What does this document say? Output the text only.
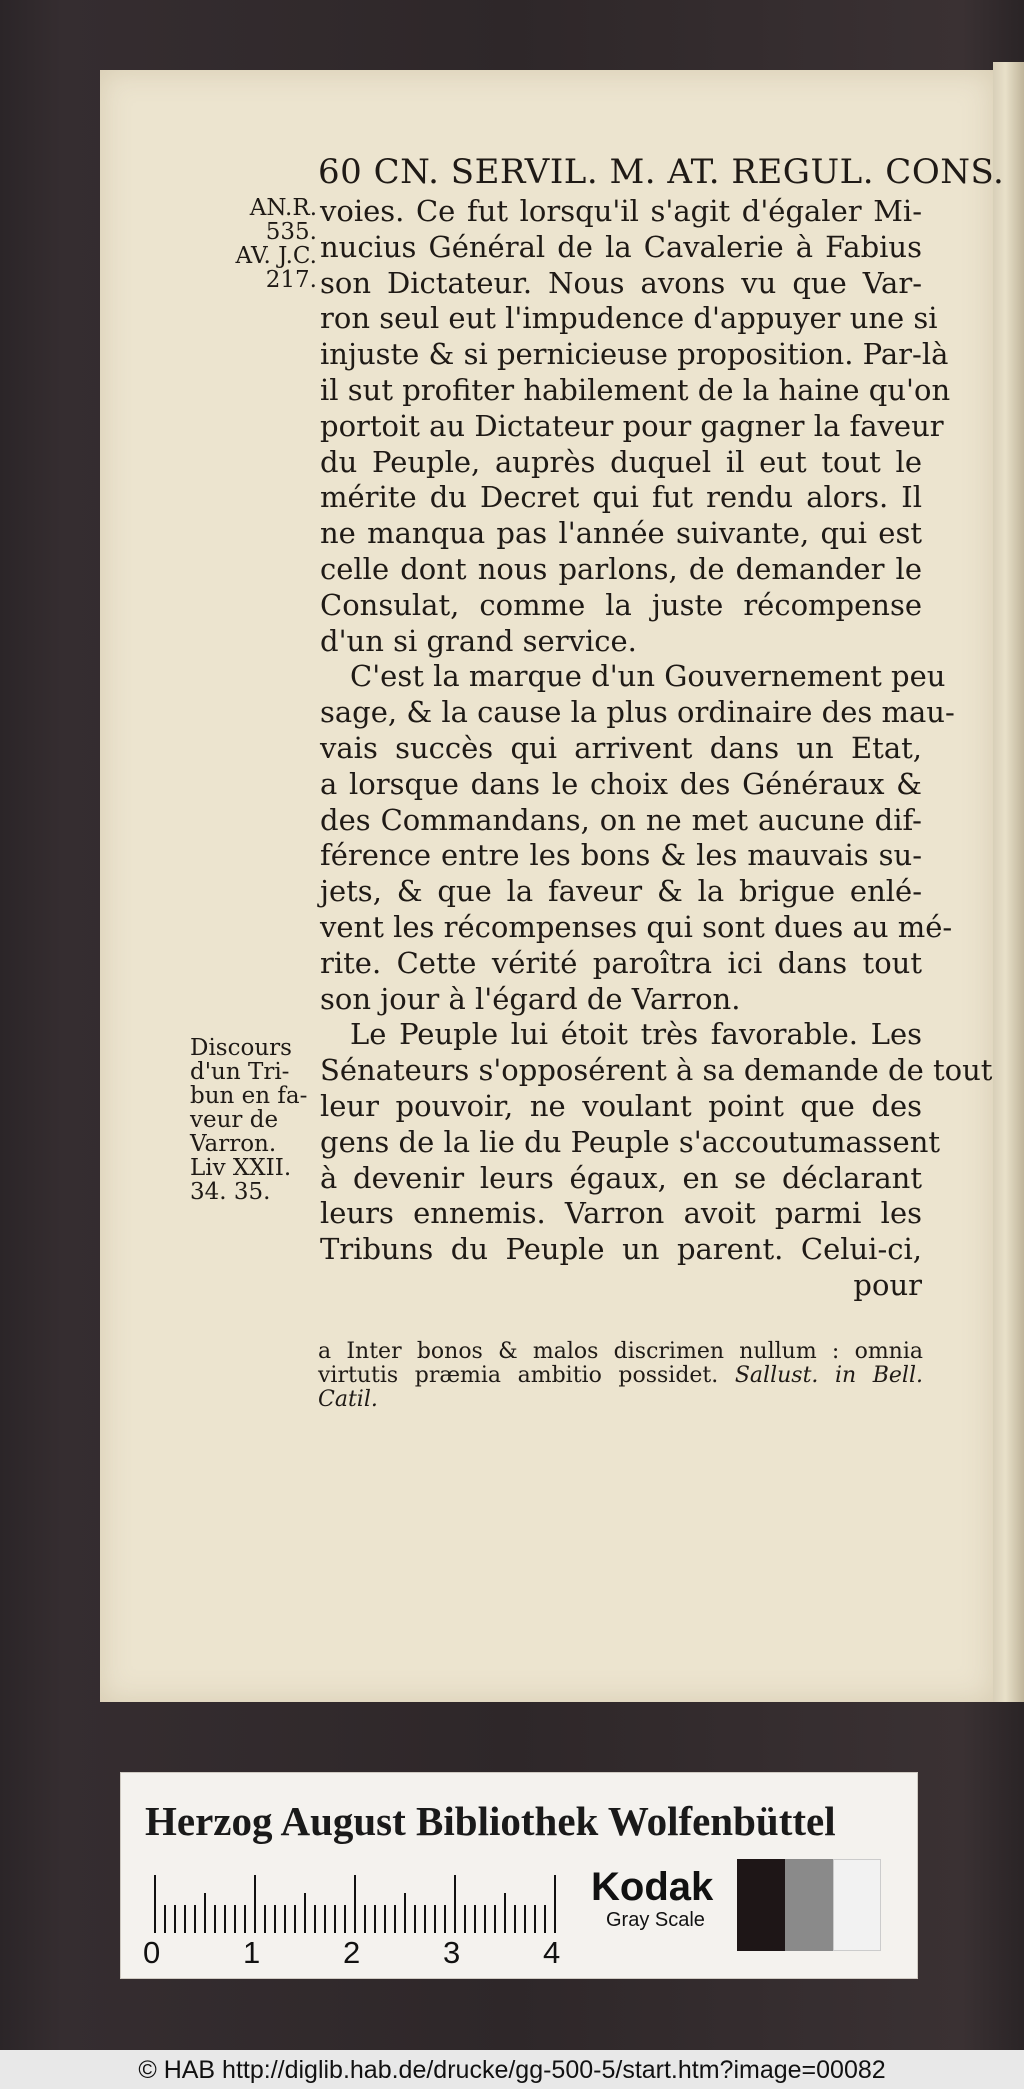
60 CN. SERVIL. M. AT. REGUL. CONS.
AN.R.
535.
AV. J.C.
217.
Discours
d'un Tri-
bun en fa-
veur de
Varron.
Liv XXII.
34. 35.
voies. Ce fut lorsqu'il s'agit d'égaler Mi-
nucius Général de la Cavalerie à Fabius
son Dictateur. Nous avons vu que Var-
ron seul eut l'impudence d'appuyer une si
injuste & si pernicieuse proposition. Par-là
il sut profiter habilement de la haine qu'on
portoit au Dictateur pour gagner la faveur
du Peuple, auprès duquel il eut tout le
mérite du Decret qui fut rendu alors. Il
ne manqua pas l'année suivante, qui est
celle dont nous parlons, de demander le
Consulat, comme la juste récompense
d'un si grand service.
C'est la marque d'un Gouvernement peu
sage, & la cause la plus ordinaire des mau-
vais succès qui arrivent dans un Etat,
a lorsque dans le choix des Généraux &
des Commandans, on ne met aucune dif-
férence entre les bons & les mauvais su-
jets, & que la faveur & la brigue enlé-
vent les récompenses qui sont dues au mé-
rite. Cette vérité paroîtra ici dans tout
son jour à l'égard de Varron.
Le Peuple lui étoit très favorable. Les
Sénateurs s'opposérent à sa demande de tout
leur pouvoir, ne voulant point que des
gens de la lie du Peuple s'accoutumassent
à devenir leurs égaux, en se déclarant
leurs ennemis. Varron avoit parmi les
Tribuns du Peuple un parent. Celui-ci,
pour
a Inter bonos & malos discrimen nullum : omnia
virtutis præmia ambitio possidet. Sallust. in Bell.
Catil.
Herzog August Bibliothek Wolfenbüttel
0	1	2	3	4
Kodak
Gray Scale
© HAB http://diglib.hab.de/drucke/gg-500-5/start.htm?image=00082
